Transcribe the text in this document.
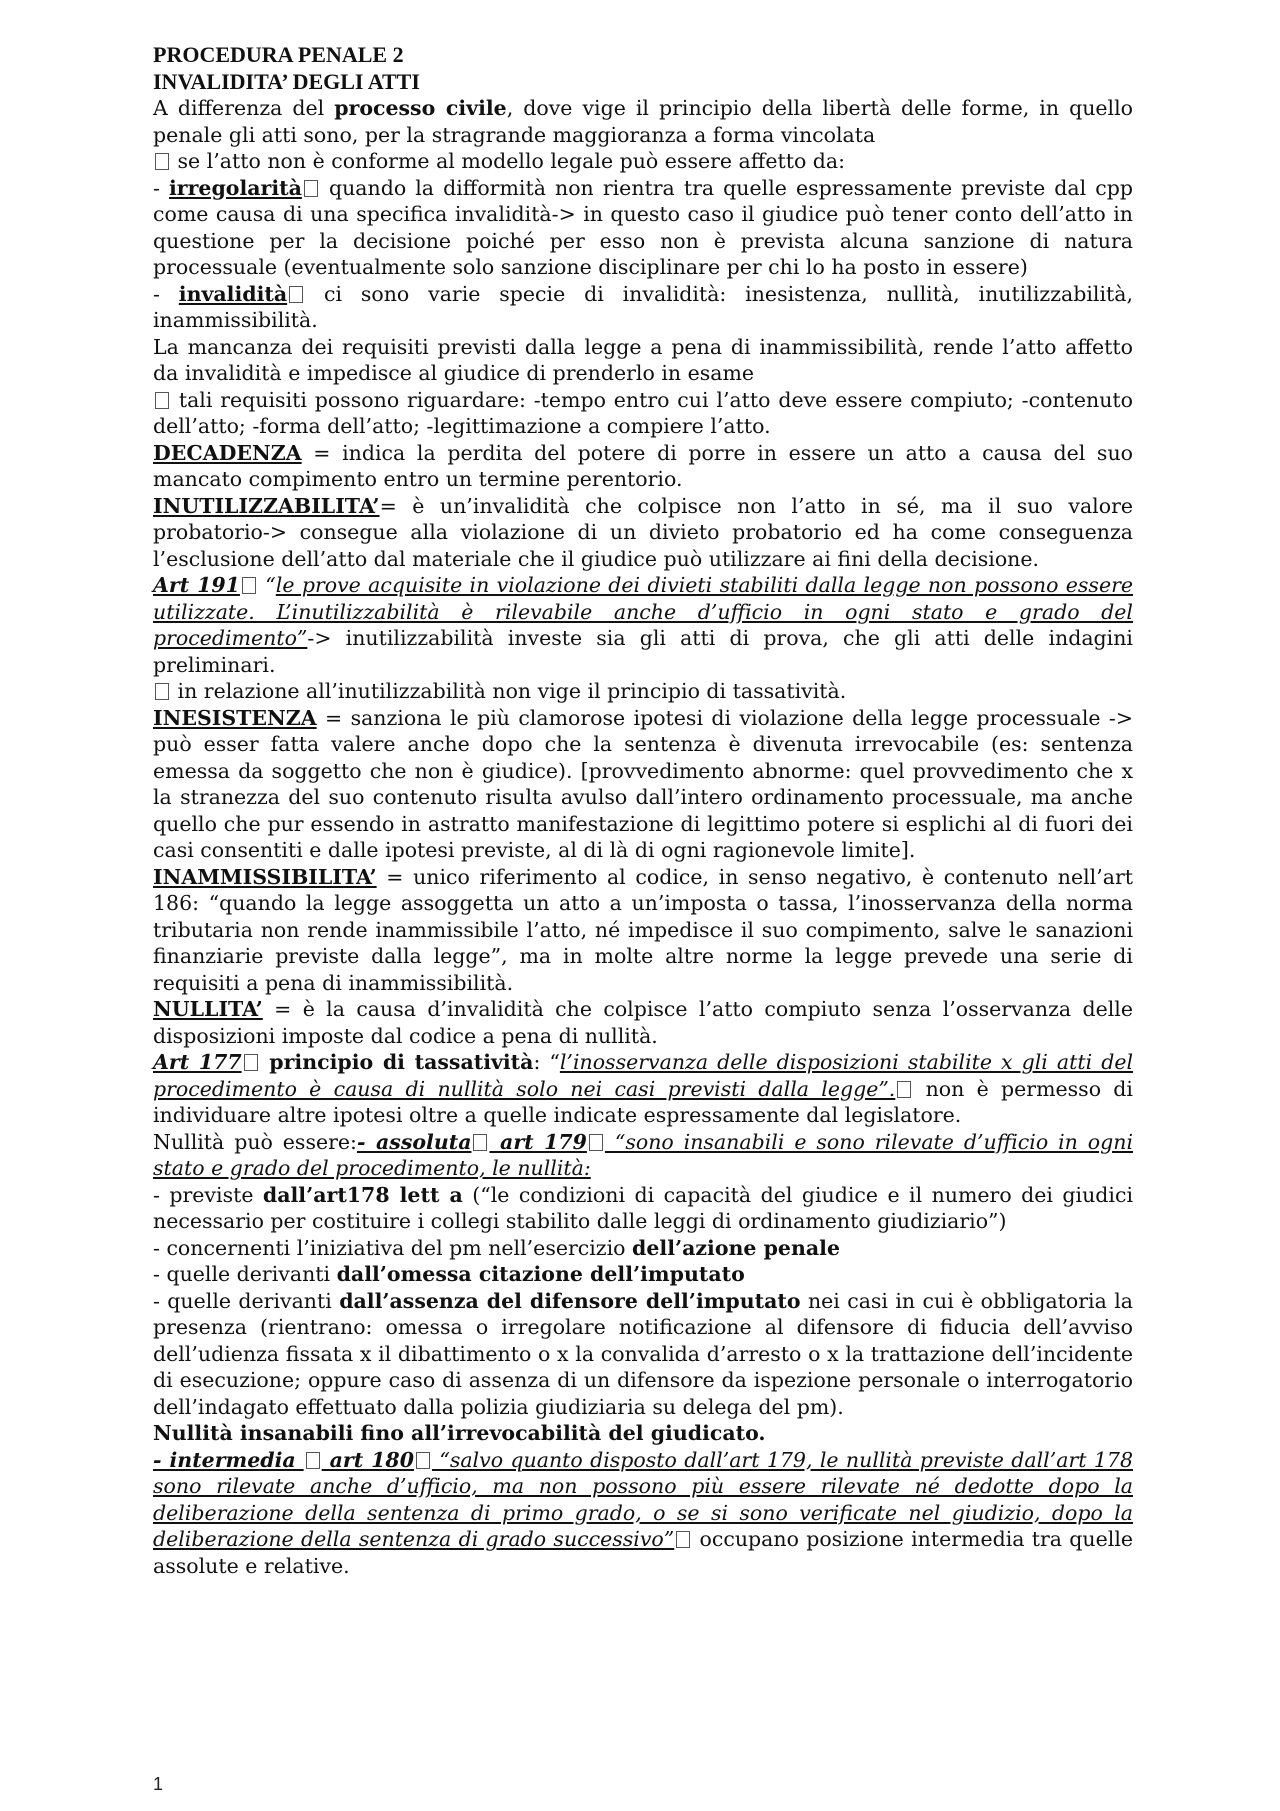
PROCEDURA PENALE 2

INVALIDITA’ DEGLI ATTI

A differenza del processo civile, dove vige il principio della libertà delle forme, in quello penale gli atti sono, per la stragrande maggioranza a forma vincolata

se l’atto non è conforme al modello legale può essere affetto da:

- irregolarità quando la difformità non rientra tra quelle espressamente previste dal cpp come causa di una specifica invalidità-> in questo caso il giudice può tener conto dell’atto in questione per la decisione poiché per esso non è prevista alcuna sanzione di natura processuale (eventualmente solo sanzione disciplinare per chi lo ha posto in essere)

- invalidità ci sono varie specie di invalidità: inesistenza, nullità, inutilizzabilità, inammissibilità.

La mancanza dei requisiti previsti dalla legge a pena di inammissibilità, rende l’atto affetto da invalidità e impedisce al giudice di prenderlo in esame

tali requisiti possono riguardare: -tempo entro cui l’atto deve essere compiuto; -contenuto dell’atto; -forma dell’atto; -legittimazione a compiere l’atto.

DECADENZA = indica la perdita del potere di porre in essere un atto a causa del suo mancato compimento entro un termine perentorio.

INUTILIZZABILITA’= è un’invalidità che colpisce non l’atto in sé, ma il suo valore probatorio-> consegue alla violazione di un divieto probatorio ed ha come conseguenza l’esclusione dell’atto dal materiale che il giudice può utilizzare ai fini della decisione.

Art 191 “le prove acquisite in violazione dei divieti stabiliti dalla legge non possono essere utilizzate. L’inutilizzabilità è rilevabile anche d’ufficio in ogni stato e grado del procedimento”-> inutilizzabilità investe sia gli atti di prova, che gli atti delle indagini preliminari.

in relazione all’inutilizzabilità non vige il principio di tassatività.

INESISTENZA = sanziona le più clamorose ipotesi di violazione della legge processuale -> può esser fatta valere anche dopo che la sentenza è divenuta irrevocabile (es: sentenza emessa da soggetto che non è giudice). [provvedimento abnorme: quel provvedimento che x la stranezza del suo contenuto risulta avulso dall’intero ordinamento processuale, ma anche quello che pur essendo in astratto manifestazione di legittimo potere si esplichi al di fuori dei casi consentiti e dalle ipotesi previste, al di là di ogni ragionevole limite].

INAMMISSIBILITA’ = unico riferimento al codice, in senso negativo, è contenuto nell’art 186: “quando la legge assoggetta un atto a un’imposta o tassa, l’inosservanza della norma tributaria non rende inammissibile l’atto, né impedisce il suo compimento, salve le sanazioni finanziarie previste dalla legge”, ma in molte altre norme la legge prevede una serie di requisiti a pena di inammissibilità.

NULLITA’ = è la causa d’invalidità che colpisce l’atto compiuto senza l’osservanza delle disposizioni imposte dal codice a pena di nullità.

Art 177 principio di tassatività: “l’inosservanza delle disposizioni stabilite x gli atti del procedimento è causa di nullità solo nei casi previsti dalla legge”. non è permesso di individuare altre ipotesi oltre a quelle indicate espressamente dal legislatore.

Nullità può essere:- assoluta art 179 “sono insanabili e sono rilevate d’ufficio in ogni stato e grado del procedimento, le nullità:

- previste dall’art178 lett a (“le condizioni di capacità del giudice e il numero dei giudici necessario per costituire i collegi stabilito dalle leggi di ordinamento giudiziario”)

- concernenti l’iniziativa del pm nell’esercizio dell’azione penale

- quelle derivanti dall’omessa citazione dell’imputato

- quelle derivanti dall’assenza del difensore dell’imputato nei casi in cui è obbligatoria la presenza (rientrano: omessa o irregolare notificazione al difensore di fiducia dell’avviso dell’udienza fissata x il dibattimento o x la convalida d’arresto o x la trattazione dell’incidente di esecuzione; oppure caso di assenza di un difensore da ispezione personale o interrogatorio dell’indagato effettuato dalla polizia giudiziaria su delega del pm).

Nullità insanabili fino all’irrevocabilità del giudicato.

- intermedia  art 180 “salvo quanto disposto dall’art 179, le nullità previste dall’art 178 sono rilevate anche d’ufficio, ma non possono più essere rilevate né dedotte dopo la deliberazione della sentenza di primo grado, o se si sono verificate nel giudizio, dopo la deliberazione della sentenza di grado successivo” occupano posizione intermedia tra quelle assolute e relative.

1
